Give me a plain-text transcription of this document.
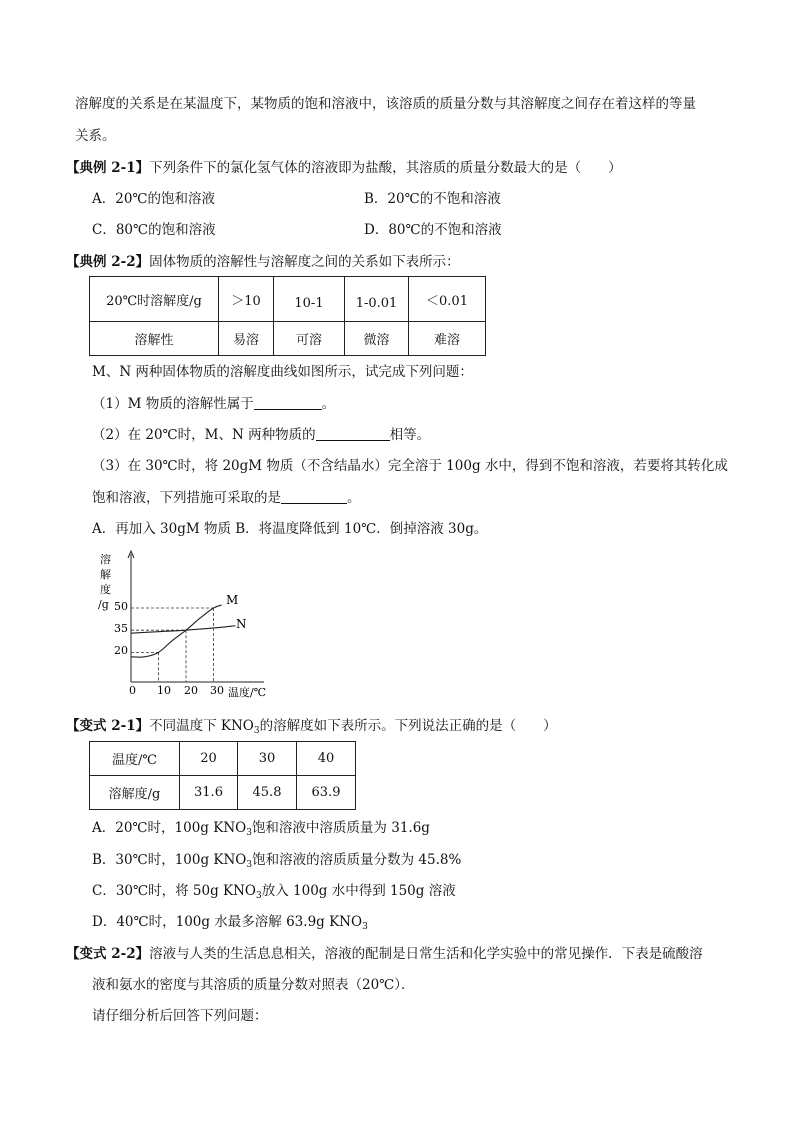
溶解度的关系是在某温度下，某物质的饱和溶液中，该溶质的质量分数与其溶解度之间存在着这样的等量
关系。
【典例 2-1】下列条件下的氯化氢气体的溶液即为盐酸，其溶质的质量分数最大的是（　　）
A．20℃的饱和溶液	B．20℃的不饱和溶液
C．80℃的饱和溶液	D．80℃的不饱和溶液
【典例 2-2】固体物质的溶解性与溶解度之间的关系如下表所示：
20℃时溶解度/g	＞10	10-1	1-0.01	＜0.01
溶解性	易溶	可溶	微溶	难溶
M、N 两种固体物质的溶解度曲线如图所示，试完成下列问题：
（1）M 物质的溶解性属于	。
（2）在 20℃时，M、N 两种物质的	相等。
（3）在 30℃时，将 20gM 物质（不含结晶水）完全溶于 100g 水中，得到不饱和溶液，若要将其转化成
饱和溶液，下列措施可采取的是	。
A．再加入 30gM 物质 B．将温度降低到 10℃．倒掉溶液 30g。
溶
解
度
/g 50
35
20
0 10 20 30 温度/℃
M
N
【变式 2-1】不同温度下 $KNO_3$的溶解度如下表所示。下列说法正确的是（　　）
温度/℃	20	30	40
溶解度/g	31.6	45.8	63.9
A．20℃时，100g $KNO_3$饱和溶液中溶质质量为 31.6g
B．30℃时，100g $KNO_3$饱和溶液的溶质质量分数为 45.8%
C．30℃时，将 50g $KNO_3$放入 100g 水中得到 150g 溶液
D．40℃时，100g 水最多溶解 63.9g $KNO_3$
【变式 2-2】溶液与人类的生活息息相关，溶液的配制是日常生活和化学实验中的常见操作．下表是硫酸溶
液和氨水的密度与其溶质的质量分数对照表（20℃）．
请仔细分析后回答下列问题：
